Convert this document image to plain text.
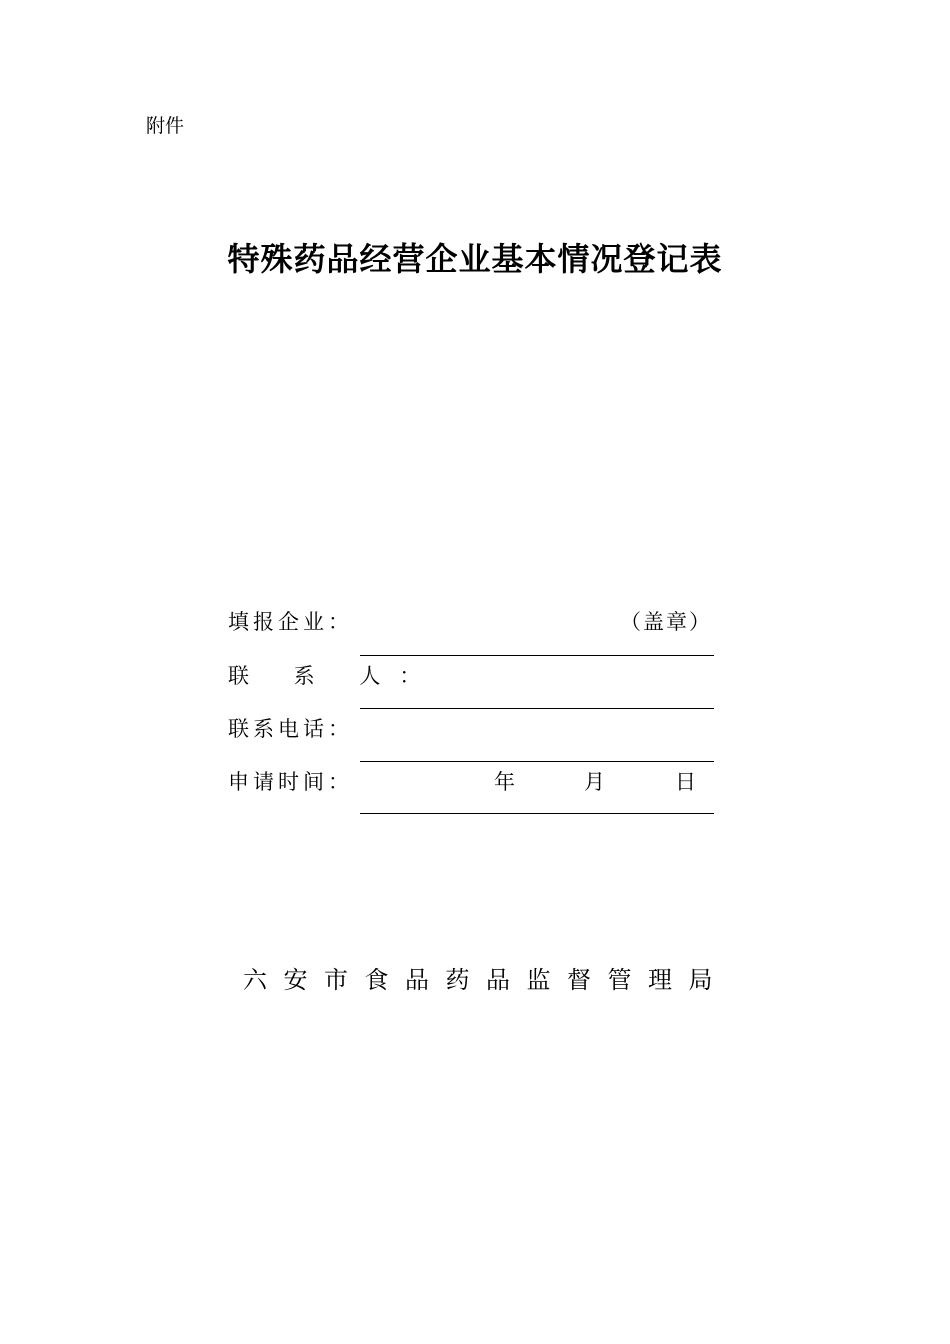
附件
特殊药品经营企业基本情况登记表
填报企业：	（盖章）
联 系 人：
联系电话：
申请时间：	年	月	日
六安市食品药品监督管理局
